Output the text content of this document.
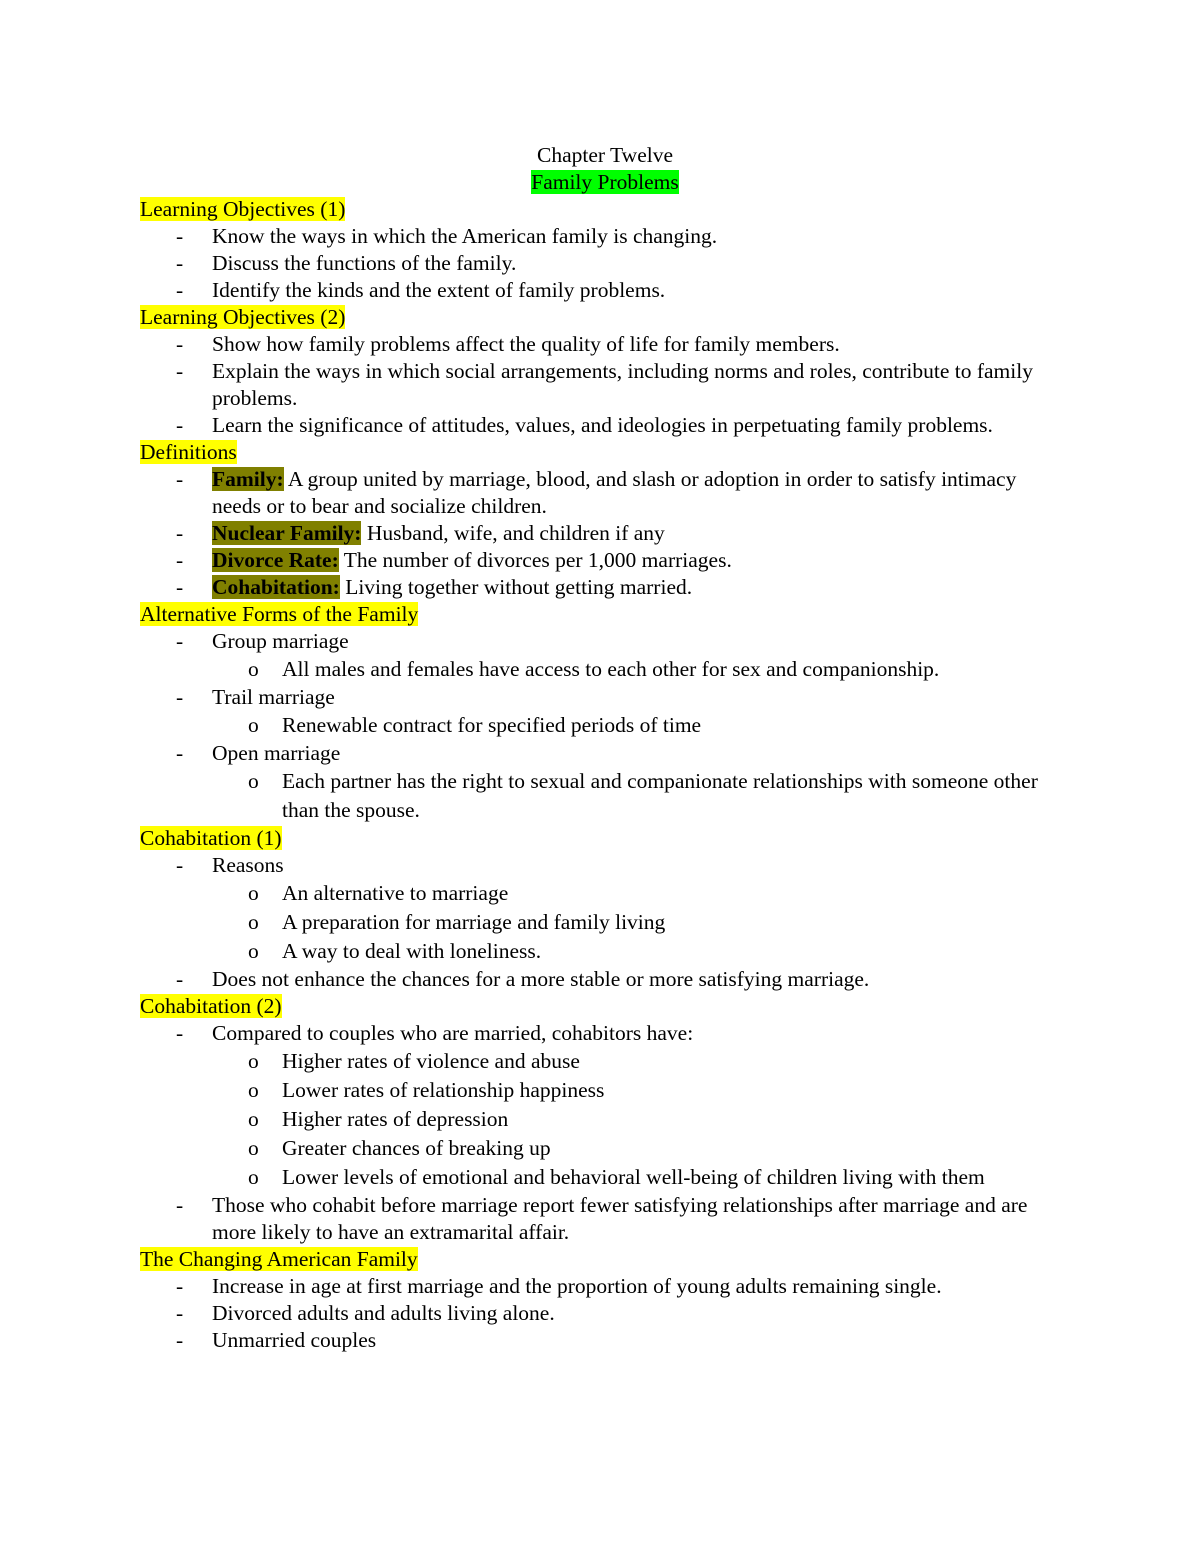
Chapter Twelve
Family Problems
Learning Objectives (1)
- Know the ways in which the American family is changing.
- Discuss the functions of the family.
- Identify the kinds and the extent of family problems.
Learning Objectives (2)
- Show how family problems affect the quality of life for family members.
- Explain the ways in which social arrangements, including norms and roles, contribute to family problems.
- Learn the significance of attitudes, values, and ideologies in perpetuating family problems.
Definitions
- Family: A group united by marriage, blood, and slash or adoption in order to satisfy intimacy needs or to bear and socialize children.
- Nuclear Family: Husband, wife, and children if any
- Divorce Rate: The number of divorces per 1,000 marriages.
- Cohabitation: Living together without getting married.
Alternative Forms of the Family
- Group marriage
o All males and females have access to each other for sex and companionship.
- Trail marriage
o Renewable contract for specified periods of time
- Open marriage
o Each partner has the right to sexual and companionate relationships with someone other than the spouse.
Cohabitation (1)
- Reasons
o An alternative to marriage
o A preparation for marriage and family living
o A way to deal with loneliness.
- Does not enhance the chances for a more stable or more satisfying marriage.
Cohabitation (2)
- Compared to couples who are married, cohabitors have:
o Higher rates of violence and abuse
o Lower rates of relationship happiness
o Higher rates of depression
o Greater chances of breaking up
o Lower levels of emotional and behavioral well-being of children living with them
- Those who cohabit before marriage report fewer satisfying relationships after marriage and are more likely to have an extramarital affair.
The Changing American Family
- Increase in age at first marriage and the proportion of young adults remaining single.
- Divorced adults and adults living alone.
- Unmarried couples
